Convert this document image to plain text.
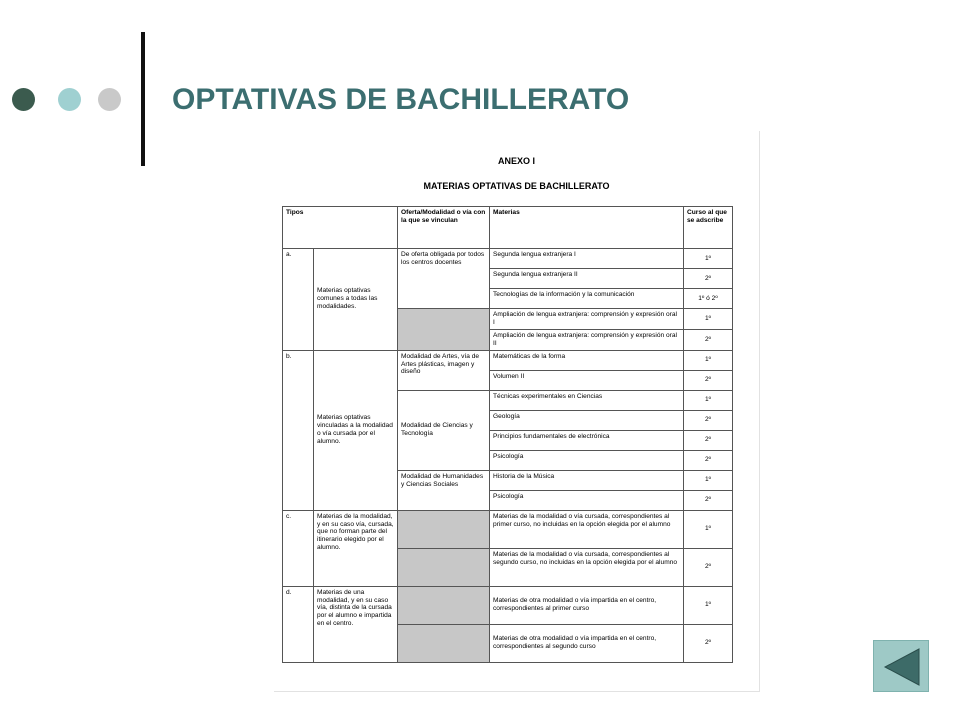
OPTATIVAS DE BACHILLERATO
ANEXO I
MATERIAS OPTATIVAS DE BACHILLERATO
Tipos		Oferta/Modalidad o vía con la que se vinculan	Materias	Curso al que se adscribe
a.	Materias optativas comunes a todas las modalidades.	De oferta obligada por todos los centros docentes	Segunda lengua extranjera I	1º
			Segunda lengua extranjera II	2º
			Tecnologías de la información y la comunicación	1º ó 2º
			Ampliación de lengua extranjera: comprensión y expresión oral I	1º
			Ampliación de lengua extranjera: comprensión y expresión oral II	2º
b.	Materias optativas vinculadas a la modalidad o vía cursada por el alumno.	Modalidad de Artes, vía de Artes plásticas, imagen y diseño	Matemáticas de la forma	1º
			Volumen II	2º
		Modalidad de Ciencias y Tecnología	Técnicas experimentales en Ciencias	1º
			Geología	2º
			Principios fundamentales de electrónica	2º
			Psicología	2º
		Modalidad de Humanidades y Ciencias Sociales	Historia de la Música	1º
			Psicología	2º
c.	Materias de la modalidad, y en su caso vía, cursada, que no forman parte del itinerario elegido por el alumno.		Materias de la modalidad o vía cursada, correspondientes al primer curso, no incluidas en la opción elegida por el alumno	1º
			Materias de la modalidad o vía cursada, correspondientes al segundo curso, no incluidas en la opción elegida por el alumno	2º
d.	Materias de una modalidad, y en su caso vía, distinta de la cursada por el alumno e impartida en el centro.		Materias de otra modalidad o vía impartida en el centro, correspondientes al primer curso	1º
			Materias de otra modalidad o vía impartida en el centro, correspondientes al segundo curso	2º
